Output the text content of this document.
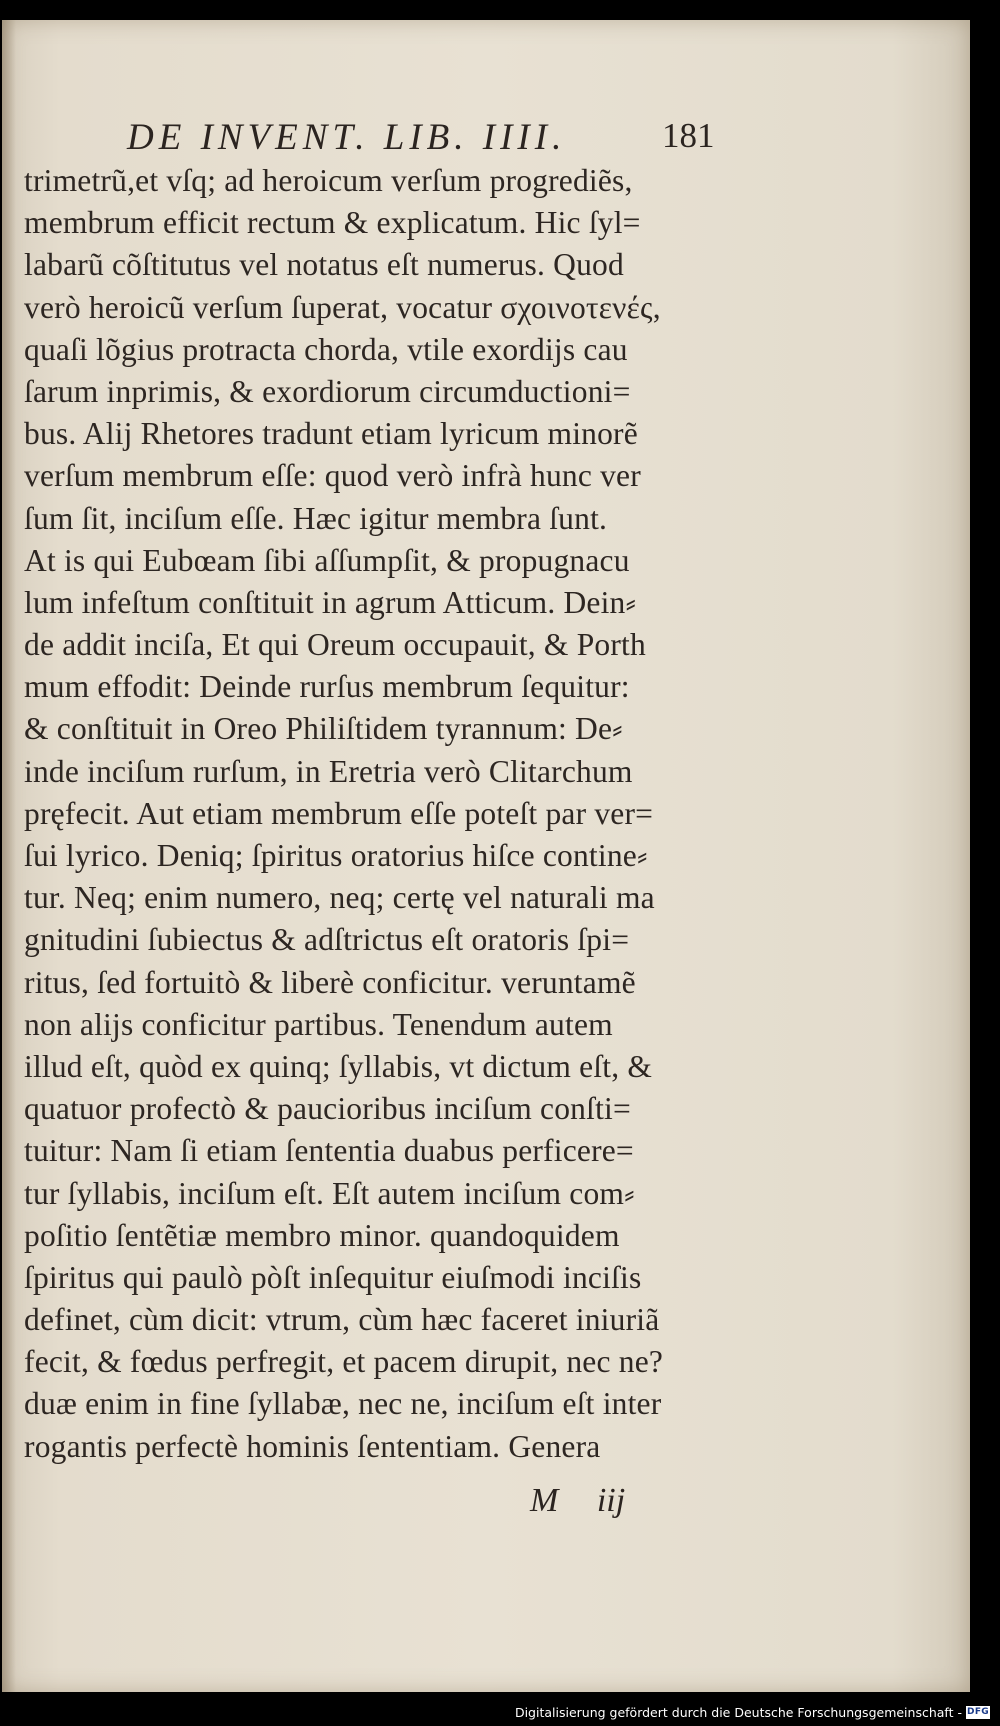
DE INVENT. LIB. IIII.	181
trimetrũ,et vſq; ad heroicum verſum progrediẽs,
membrum efficit rectum & explicatum. Hic ſyl=
labarũ cõſtitutus vel notatus eſt numerus. Quod
verò heroicũ verſum ſuperat, vocatur σχοινοτενές,
quaſi lõgius protracta chorda, vtile exordijs cau
ſarum inprimis, & exordiorum circumductioni=
bus. Alij Rhetores tradunt etiam lyricum minorẽ
verſum membrum eſſe: quod verò infrà hunc ver
ſum ſit, inciſum eſſe. Hæc igitur membra ſunt.
At is qui Eubœam ſibi aſſumpſit, & propugnacu
lum infeſtum conſtituit in agrum Atticum. Dein⸗
de addit inciſa, Et qui Oreum occupauit, & Porth
mum effodit: Deinde rurſus membrum ſequitur:
& conſtituit in Oreo Philiſtidem tyrannum: De⸗
inde inciſum rurſum, in Eretria verò Clitarchum
pręfecit. Aut etiam membrum eſſe poteſt par ver=
ſui lyrico. Deniq; ſpiritus oratorius hiſce contine⸗
tur. Neq; enim numero, neq; certę vel naturali ma
gnitudini ſubiectus & adſtrictus eſt oratoris ſpi=
ritus, ſed fortuitò & liberè conficitur. veruntamẽ
non alijs conficitur partibus. Tenendum autem
illud eſt, quòd ex quinq; ſyllabis, vt dictum eſt, &
quatuor profectò & paucioribus inciſum conſti=
tuitur: Nam ſi etiam ſententia duabus perficere=
tur ſyllabis, inciſum eſt. Eſt autem inciſum com⸗
poſitio ſentẽtiæ membro minor. quandoquidem
ſpiritus qui paulò pòſt inſequitur eiuſmodi inciſis
definet, cùm dicit: vtrum, cùm hæc faceret iniuriã
fecit, & fœdus perfregit, et pacem dirupit, nec ne?
duæ enim in fine ſyllabæ, nec ne, inciſum eſt inter
rogantis perfectè hominis ſententiam. Genera
M iij
Digitalisierung gefördert durch die Deutsche Forschungsgemeinschaft - DFG
